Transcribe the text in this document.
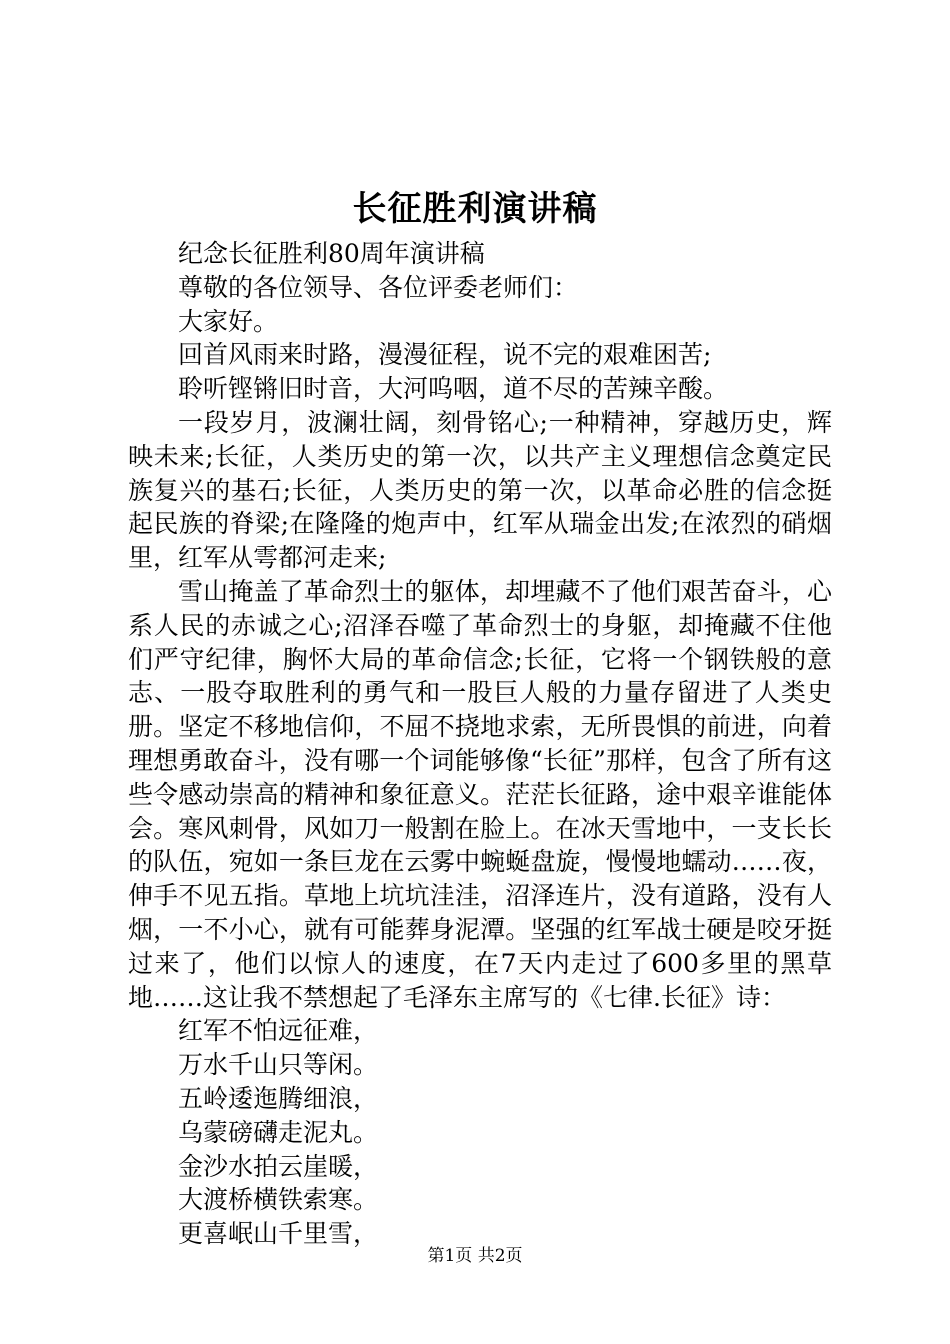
长征胜利演讲稿

纪念长征胜利80周年演讲稿

尊敬的各位领导、各位评委老师们：

大家好。

回首风雨来时路，漫漫征程，说不完的艰难困苦;

聆听铿锵旧时音，大河呜咽，道不尽的苦辣辛酸。

一段岁月，波澜壮阔，刻骨铭心;一种精神，穿越历史，辉映未来;长征，人类历史的第一次，以共产主义理想信念奠定民族复兴的基石;长征，人类历史的第一次，以革命必胜的信念挺起民族的脊梁;在隆隆的炮声中，红军从瑞金出发;在浓烈的硝烟里，红军从雩都河走来;

雪山掩盖了革命烈士的躯体，却埋藏不了他们艰苦奋斗，心系人民的赤诚之心;沼泽吞噬了革命烈士的身躯，却掩藏不住他们严守纪律，胸怀大局的革命信念;长征，它将一个钢铁般的意志、一股夺取胜利的勇气和一股巨人般的力量存留进了人类史册。坚定不移地信仰，不屈不挠地求索，无所畏惧的前进，向着理想勇敢奋斗，没有哪一个词能够像“长征”那样，包含了所有这些令感动崇高的精神和象征意义。茫茫长征路，途中艰辛谁能体会。寒风刺骨，风如刀一般割在脸上。在冰天雪地中，一支长长的队伍，宛如一条巨龙在云雾中蜿蜒盘旋，慢慢地蠕动……夜，伸手不见五指。草地上坑坑洼洼，沼泽连片，没有道路，没有人烟，一不小心，就有可能葬身泥潭。坚强的红军战士硬是咬牙挺过来了，他们以惊人的速度，在7天内走过了600多里的黑草地……这让我不禁想起了毛泽东主席写的《七律.长征》诗：

红军不怕远征难，

万水千山只等闲。

五岭逶迤腾细浪，

乌蒙磅礴走泥丸。

金沙水拍云崖暖，

大渡桥横铁索寒。

更喜岷山千里雪，

第1页 共2页
